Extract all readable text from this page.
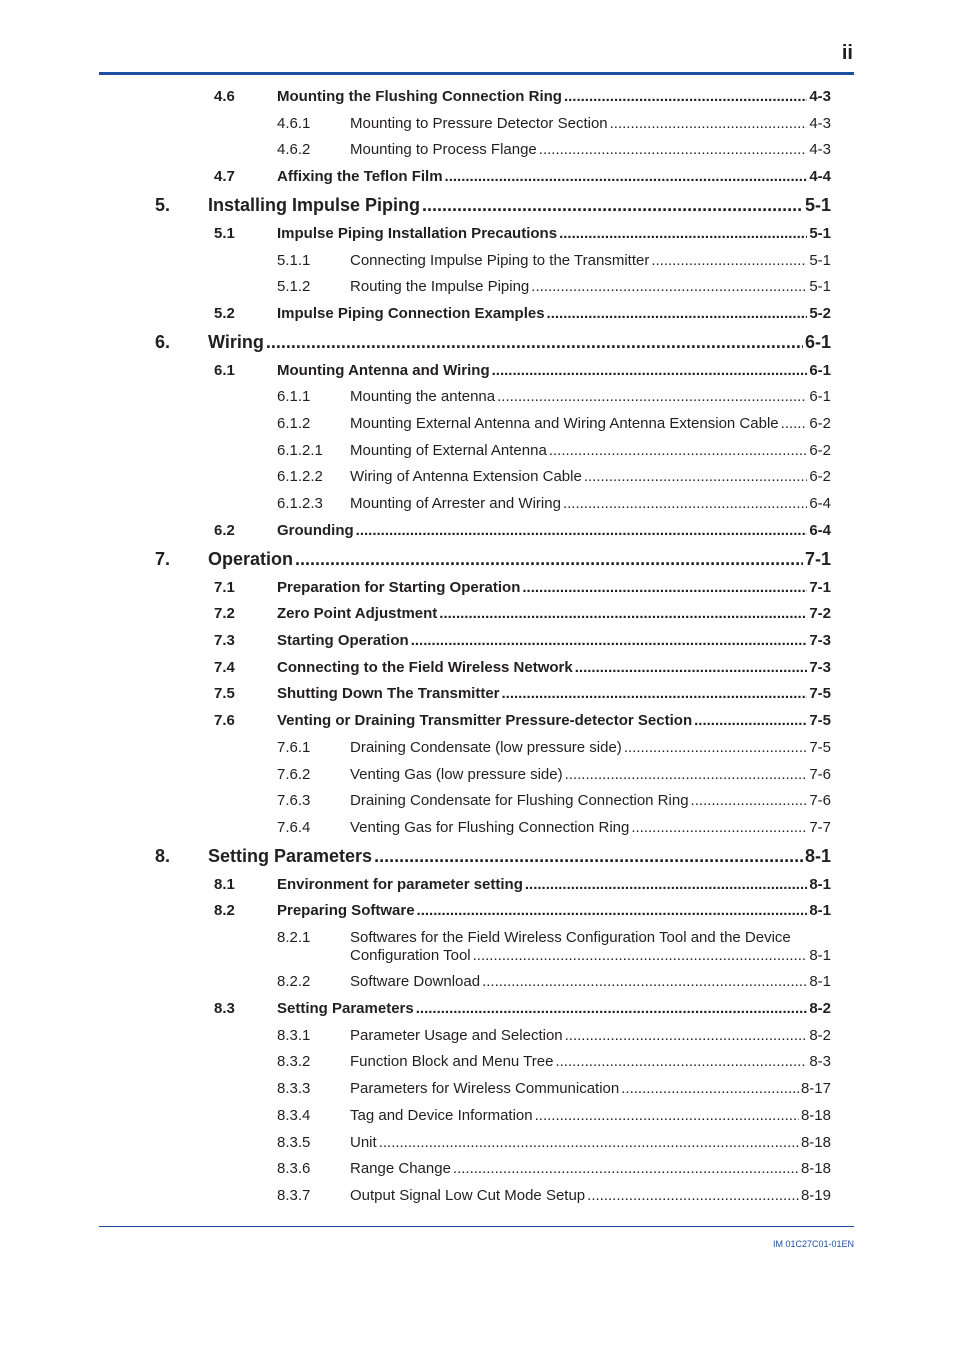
ii
4.6	Mounting the Flushing Connection Ring .....	4-3
4.6.1	Mounting to Pressure Detector Section .....	4-3
4.6.2	Mounting to Process Flange .....	4-3
4.7	Affixing the Teflon Film .....	4-4
5. Installing Impulse Piping .....	5-1
5.1	Impulse Piping Installation Precautions .....	5-1
5.1.1	Connecting Impulse Piping to the Transmitter .....	5-1
5.1.2	Routing the Impulse Piping .....	5-1
5.2	Impulse Piping Connection Examples .....	5-2
6. Wiring .....	6-1
6.1	Mounting Antenna and Wiring .....	6-1
6.1.1	Mounting the antenna .....	6-1
6.1.2	Mounting External Antenna and Wiring Antenna Extension Cable ..... 6-2
6.1.2.1 Mounting of External Antenna .....	6-2
6.1.2.2 Wiring of Antenna Extension Cable .....	6-2
6.1.2.3 Mounting of Arrester and Wiring .....	6-4
6.2	Grounding .....	6-4
7. Operation .....	7-1
7.1	Preparation for Starting Operation .....	7-1
7.2	Zero Point Adjustment .....	7-2
7.3	Starting Operation .....	7-3
7.4	Connecting to the Field Wireless Network .....	7-3
7.5	Shutting Down The Transmitter .....	7-5
7.6	Venting or Draining Transmitter Pressure-detector Section .....	7-5
7.6.1	Draining Condensate (low pressure side) .....	7-5
7.6.2	Venting Gas (low pressure side) .....	7-6
7.6.3	Draining Condensate for Flushing Connection Ring .....	7-6
7.6.4	Venting Gas for Flushing Connection Ring .....	7-7
8. Setting Parameters .....	8-1
8.1	Environment for parameter setting .....	8-1
8.2	Preparing Software .....	8-1
8.2.1	Softwares for the Field Wireless Configuration Tool and the Device
Configuration Tool .....	8-1
8.2.2	Software Download .....	8-1
8.3	Setting Parameters .....	8-2
8.3.1	Parameter Usage and Selection .....	8-2
8.3.2	Function Block and Menu Tree .....	8-3
8.3.3	Parameters for Wireless Communication .....	8-17
8.3.4	Tag and Device Information .....	8-18
8.3.5	Unit .....	8-18
8.3.6	Range Change .....	8-18
8.3.7	Output Signal Low Cut Mode Setup .....	8-19
IM 01C27C01-01EN
